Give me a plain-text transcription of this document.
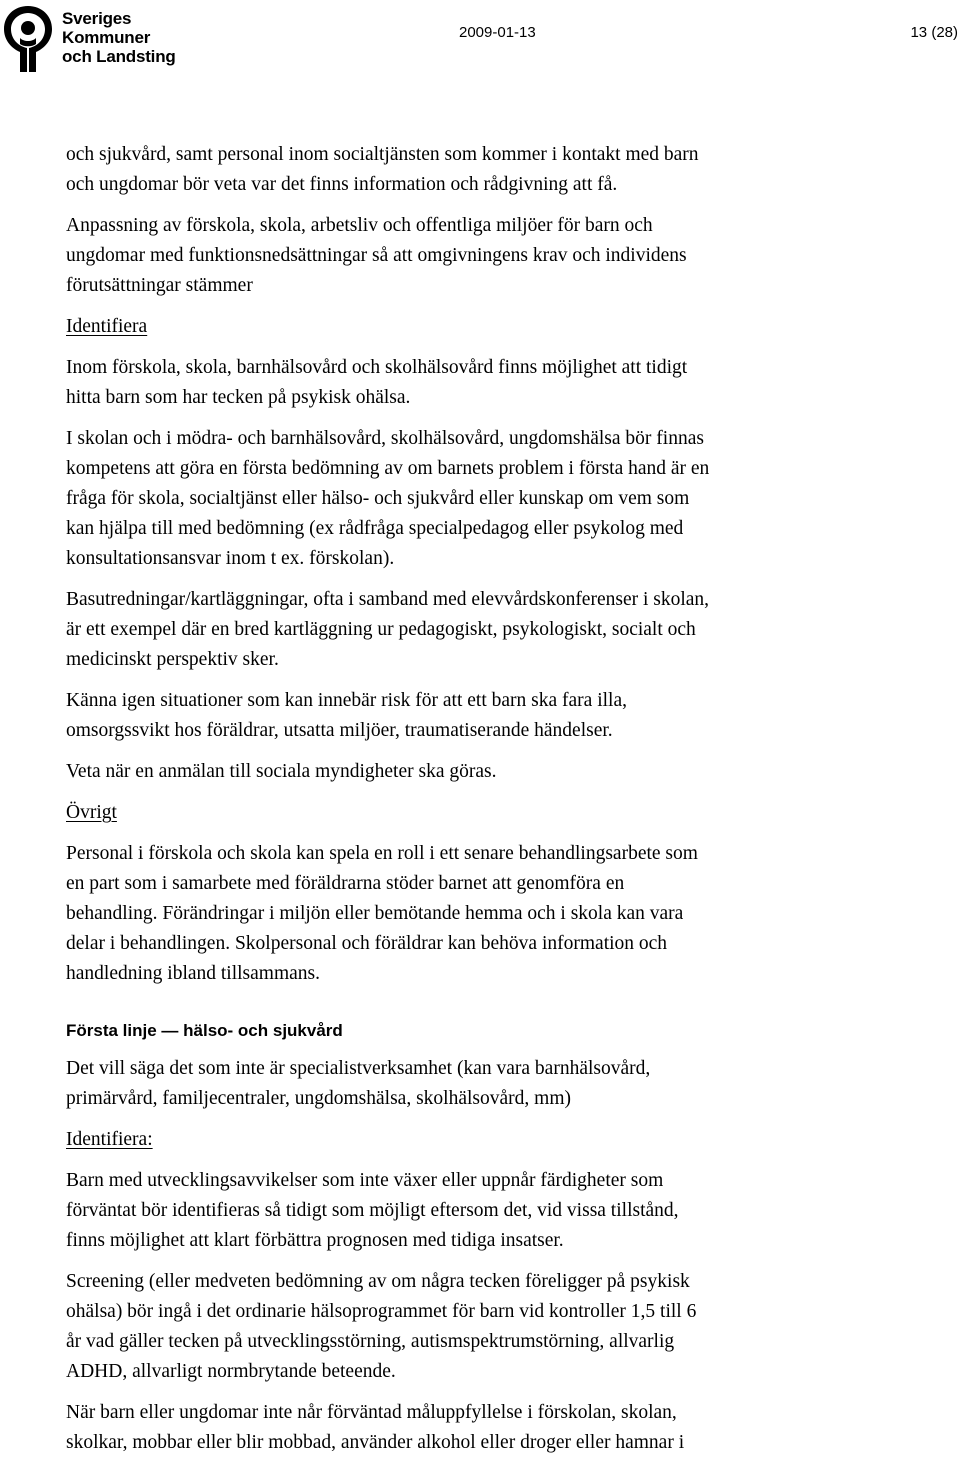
Sveriges
Kommuner
och Landsting
2009-01-13	13 (28)

och sjukvård, samt personal inom socialtjänsten som kommer i kontakt med barn
och ungdomar bör veta var det finns information och rådgivning att få.

Anpassning av förskola, skola, arbetsliv och offentliga miljöer för barn och
ungdomar med funktionsnedsättningar så att omgivningens krav och individens
förutsättningar stämmer

Identifiera

Inom förskola, skola, barnhälsovård och skolhälsovård finns möjlighet att tidigt
hitta barn som har tecken på psykisk ohälsa.

I skolan och i mödra- och barnhälsovård, skolhälsovård, ungdomshälsa bör finnas
kompetens att göra en första bedömning av om barnets problem i första hand är en
fråga för skola, socialtjänst eller hälso- och sjukvård eller kunskap om vem som
kan hjälpa till med bedömning (ex rådfråga specialpedagog eller psykolog med
konsultationsansvar inom t ex. förskolan).

Basutredningar/kartläggningar, ofta i samband med elevvårdskonferenser i skolan,
är ett exempel där en bred kartläggning ur pedagogiskt, psykologiskt, socialt och
medicinskt perspektiv sker.

Känna igen situationer som kan innebär risk för att ett barn ska fara illa,
omsorgssvikt hos föräldrar, utsatta miljöer, traumatiserande händelser.

Veta när en anmälan till sociala myndigheter ska göras.

Övrigt

Personal i förskola och skola kan spela en roll i ett senare behandlingsarbete som
en part som i samarbete med föräldrarna stöder barnet att genomföra en
behandling. Förändringar i miljön eller bemötande hemma och i skola kan vara
delar i behandlingen. Skolpersonal och föräldrar kan behöva information och
handledning ibland tillsammans.

Första linje — hälso- och sjukvård

Det vill säga det som inte är specialistverksamhet (kan vara barnhälsovård,
primärvård, familjecentraler, ungdomshälsa, skolhälsovård, mm)

Identifiera:

Barn med utvecklingsavvikelser som inte växer eller uppnår färdigheter som
förväntat bör identifieras så tidigt som möjligt eftersom det, vid vissa tillstånd,
finns möjlighet att klart förbättra prognosen med tidiga insatser.

Screening (eller medveten bedömning av om några tecken föreligger på psykisk
ohälsa) bör ingå i det ordinarie hälsoprogrammet för barn vid kontroller 1,5 till 6
år vad gäller tecken på utvecklingsstörning, autismspektrumstörning, allvarlig
ADHD, allvarligt normbrytande beteende.

När barn eller ungdomar inte når förväntad måluppfyllelse i förskolan, skolan,
skolkar, mobbar eller blir mobbad, använder alkohol eller droger eller hamnar i
